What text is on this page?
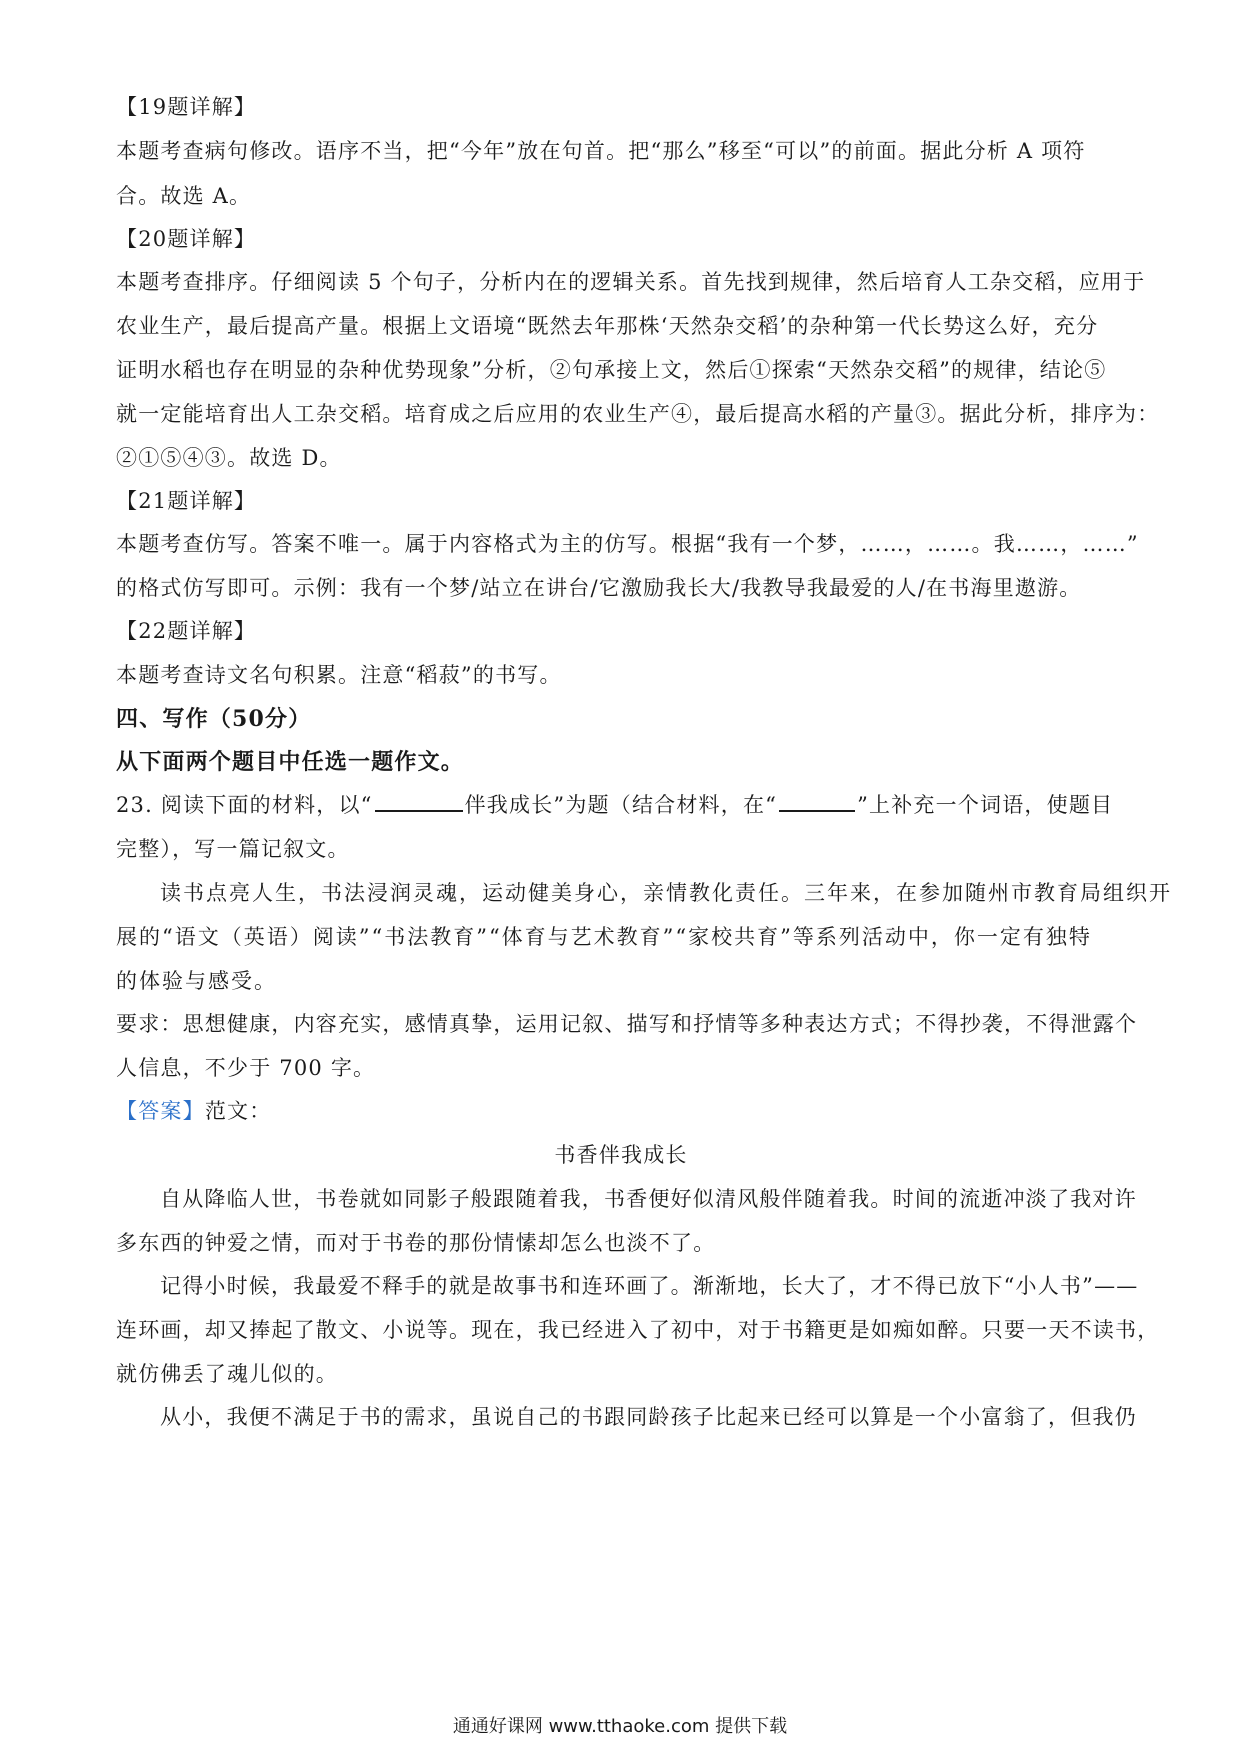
【19题详解】
本题考查病句修改。语序不当，把“今年”放在句首。把“那么”移至“可以”的前面。据此分析 A 项符
合。故选 A。
【20题详解】
本题考查排序。仔细阅读 5 个句子，分析内在的逻辑关系。首先找到规律，然后培育人工杂交稻，应用于
农业生产，最后提高产量。根据上文语境“既然去年那株‘天然杂交稻’的杂种第一代长势这么好，充分
证明水稻也存在明显的杂种优势现象”分析，②句承接上文，然后①探索“天然杂交稻”的规律，结论⑤
就一定能培育出人工杂交稻。培育成之后应用的农业生产④，最后提高水稻的产量③。据此分析，排序为：
②①⑤④③。故选 D。
【21题详解】
本题考查仿写。答案不唯一。属于内容格式为主的仿写。根据“我有一个梦，……，……。我……，……”
的格式仿写即可。示例：我有一个梦/站立在讲台/它激励我长大/我教导我最爱的人/在书海里遨游。
【22题详解】
本题考查诗文名句积累。注意“稻菽”的书写。
四、写作（50分）
从下面两个题目中任选一题作文。
23. 阅读下面的材料，以“	伴我成长”为题（结合材料，在“	”上补充一个词语，使题目
完整），写一篇记叙文。
读书点亮人生，书法浸润灵魂，运动健美身心，亲情教化责任。三年来，在参加随州市教育局组织开
展的“语文（英语）阅读”“书法教育”“体育与艺术教育”“家校共育”等系列活动中，你一定有独特
的体验与感受。
要求：思想健康，内容充实，感情真挚，运用记叙、描写和抒情等多种表达方式；不得抄袭，不得泄露个
人信息，不少于 700 字。
【答案】范文：
书香伴我成长
自从降临人世，书卷就如同影子般跟随着我，书香便好似清风般伴随着我。时间的流逝冲淡了我对许
多东西的钟爱之情，而对于书卷的那份情愫却怎么也淡不了。
记得小时候，我最爱不释手的就是故事书和连环画了。渐渐地，长大了，才不得已放下“小人书”——
连环画，却又捧起了散文、小说等。现在，我已经进入了初中，对于书籍更是如痴如醉。只要一天不读书，
就仿佛丢了魂儿似的。
从小，我便不满足于书的需求，虽说自己的书跟同龄孩子比起来已经可以算是一个小富翁了，但我仍
通通好课网 www.tthaoke.com 提供下载
